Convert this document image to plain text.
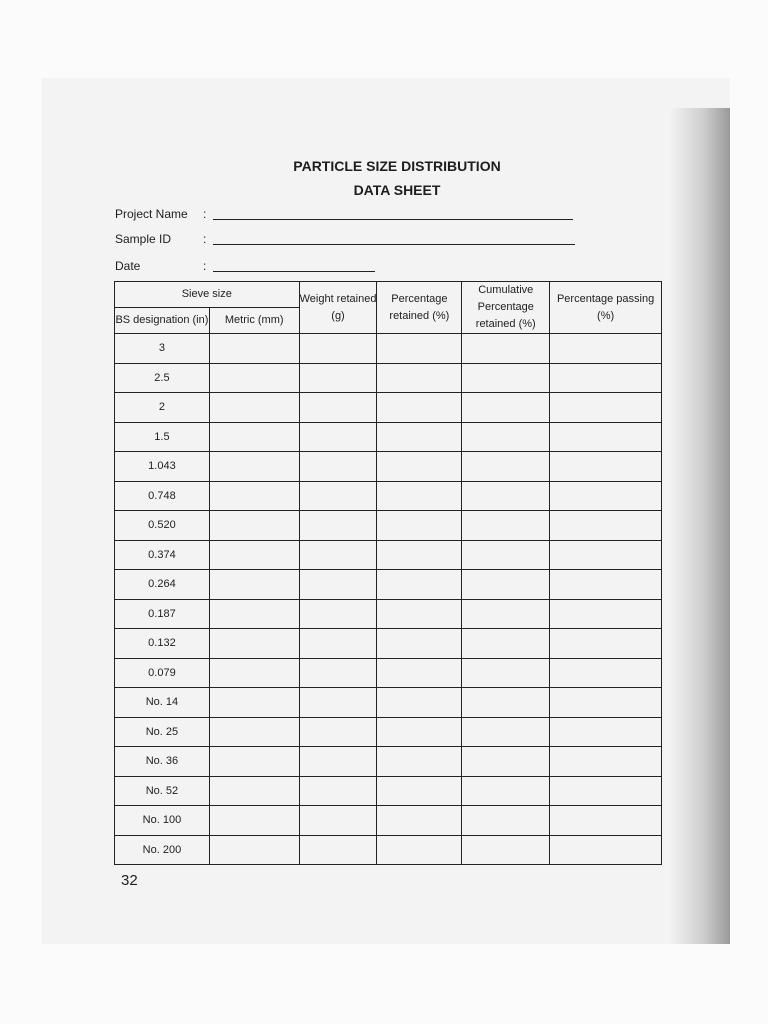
PARTICLE SIZE DISTRIBUTION
DATA SHEET
Project Name	:
Sample ID	:
Date	:
Sieve size		Weight retained (g)	Percentage retained (%)	Cumulative Percentage retained (%)	Percentage passing (%)
BS designation (in)	Metric (mm)				
3					
2.5					
2					
1.5					
1.043					
0.748					
0.520					
0.374					
0.264					
0.187					
0.132					
0.079					
No. 14					
No. 25					
No. 36					
No. 52					
No. 100					
No. 200					
32
